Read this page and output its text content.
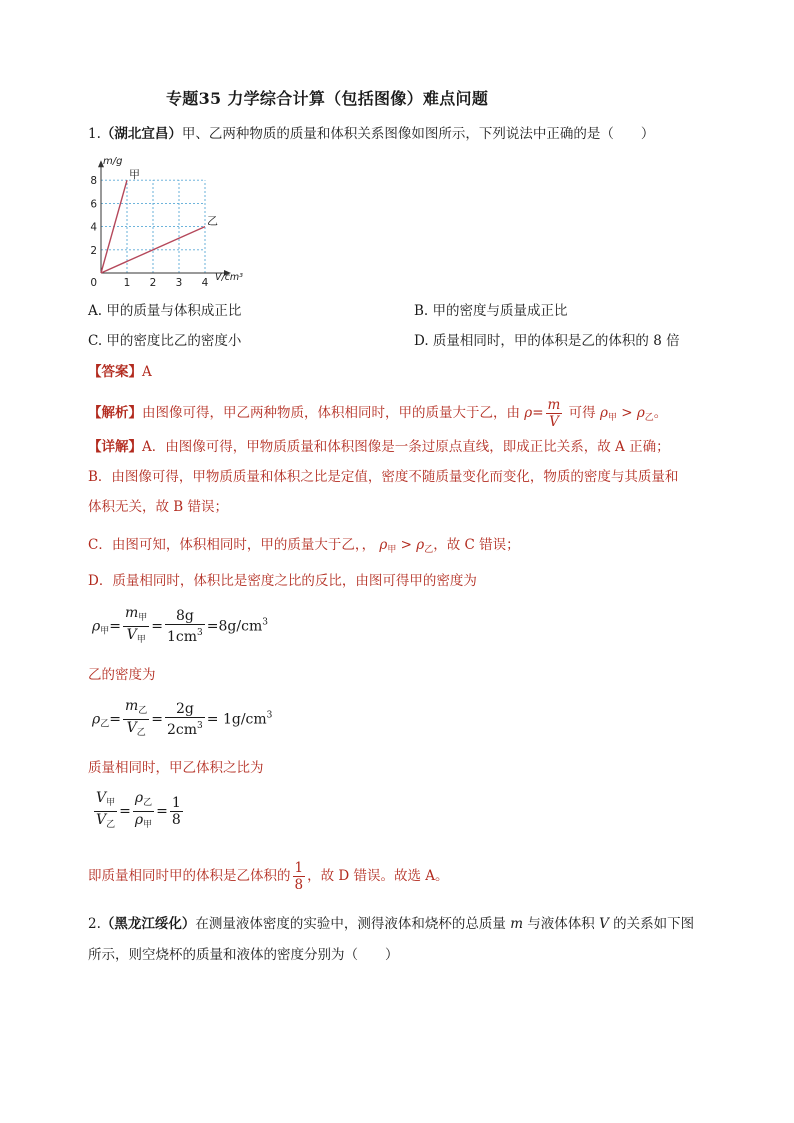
专题35 力学综合计算（包括图像）难点问题
1.（湖北宜昌）甲、乙两种物质的质量和体积关系图像如图所示，下列说法中正确的是（　　）
甲
乙
1 2 3 4
2
4
6
8
0
m/g
V/cm³
A. 甲的质量与体积成正比	B. 甲的密度与质量成正比
C. 甲的密度比乙的密度小	D. 质量相同时，甲的体积是乙的体积的 8 倍
【答案】A
【解析】由图像可得，甲乙两种物质，体积相同时，甲的质量大于乙，由 $\rho= \frac{m}{V}$ 可得 $\rho_甲 > \rho_乙$。
【详解】A．由图像可得，甲物质质量和体积图像是一条过原点直线，即成正比关系，故 A 正确；
B．由图像可得，甲物质质量和体积之比是定值，密度不随质量变化而变化，物质的密度与其质量和
体积无关，故 B 错误；
C．由图可知，体积相同时，甲的质量大于乙，， $\rho_甲 > \rho_乙$，故 C 错误；
D．质量相同时，体积比是密度之比的反比，由图可得甲的密度为
$\rho_甲= \frac{m_甲}{V_甲} = \frac{8g}{1cm^3} =8g/cm^3$
乙的密度为
$\rho_乙= \frac{m_乙}{V_乙} = \frac{2g}{2cm^3} = 1g/cm^3$
质量相同时，甲乙体积之比为
$\frac{V_甲}{V_乙} = \frac{\rho_乙}{\rho_甲} = \frac{1}{8}$
即质量相同时甲的体积是乙体积的 $\frac{1}{8}$ ，故 D 错误。故选 A。
2.（黑龙江绥化）在测量液体密度的实验中，测得液体和烧杯的总质量 m 与液体体积 V 的关系如下图
所示，则空烧杯的质量和液体的密度分别为（　　）
